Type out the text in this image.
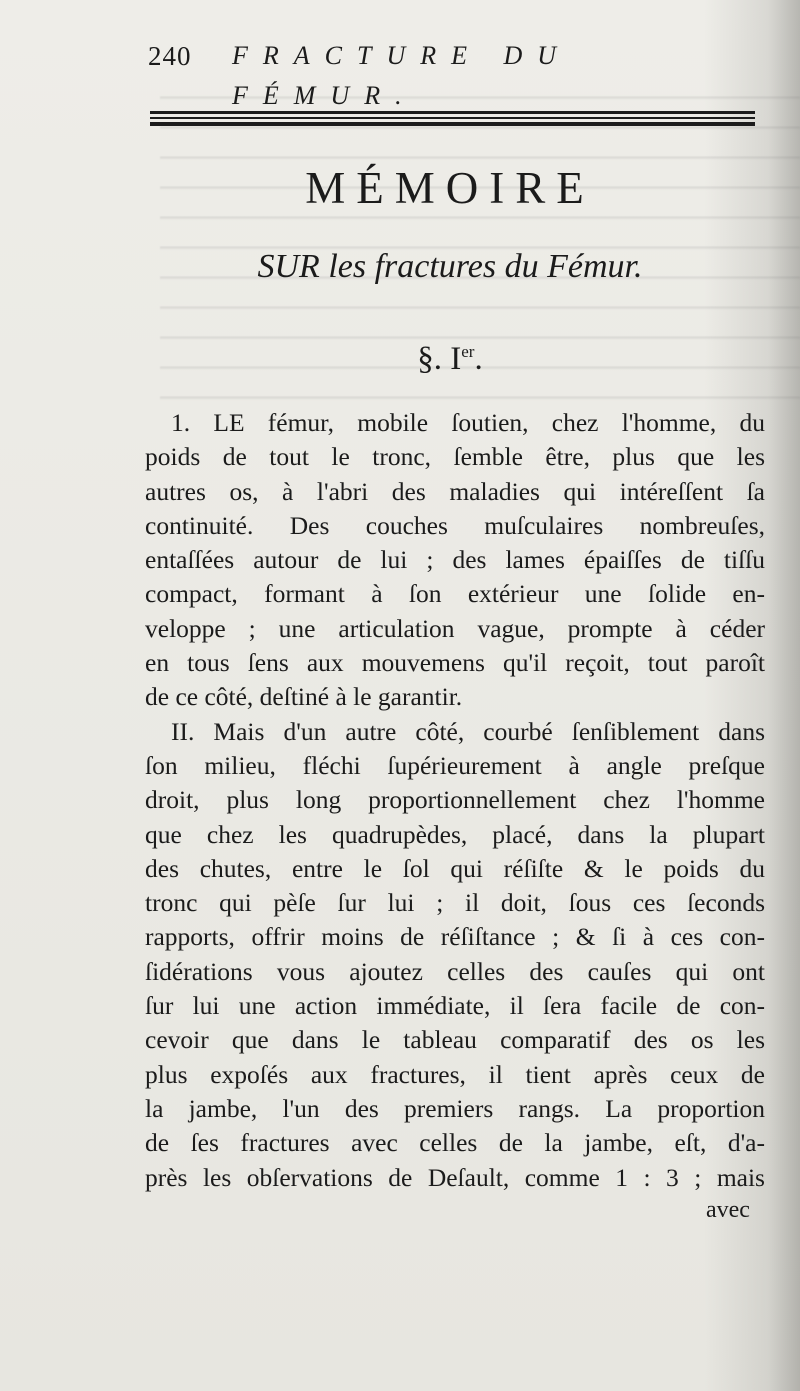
240 FRACTURE DU FÉMUR.
MÉMOIRE
SUR les fractures du Fémur.
§. Ier.

1. LE fémur, mobile ſoutien, chez l'homme, du
poids de tout le tronc, ſemble être, plus que les
autres os, à l'abri des maladies qui intéreſſent ſa
continuité. Des couches muſculaires nombreuſes,
entaſſées autour de lui ; des lames épaiſſes de tiſſu
compact, formant à ſon extérieur une ſolide en-
veloppe ; une articulation vague, prompte à céder
en tous ſens aux mouvemens qu'il reçoit, tout paroît
de ce côté, deſtiné à le garantir.

II. Mais d'un autre côté, courbé ſenſiblement dans
ſon milieu, fléchi ſupérieurement à angle preſque
droit, plus long proportionnellement chez l'homme
que chez les quadrupèdes, placé, dans la plupart
des chutes, entre le ſol qui réſiſte & le poids du
tronc qui pèſe ſur lui ; il doit, ſous ces ſeconds
rapports, offrir moins de réſiſtance ; & ſi à ces con-
ſidérations vous ajoutez celles des cauſes qui ont
ſur lui une action immédiate, il ſera facile de con-
cevoir que dans le tableau comparatif des os les
plus expoſés aux fractures, il tient après ceux de
la jambe, l'un des premiers rangs. La proportion
de ſes fractures avec celles de la jambe, eſt, d'a-
près les obſervations de Deſault, comme 1 : 3 ; mais

avec
